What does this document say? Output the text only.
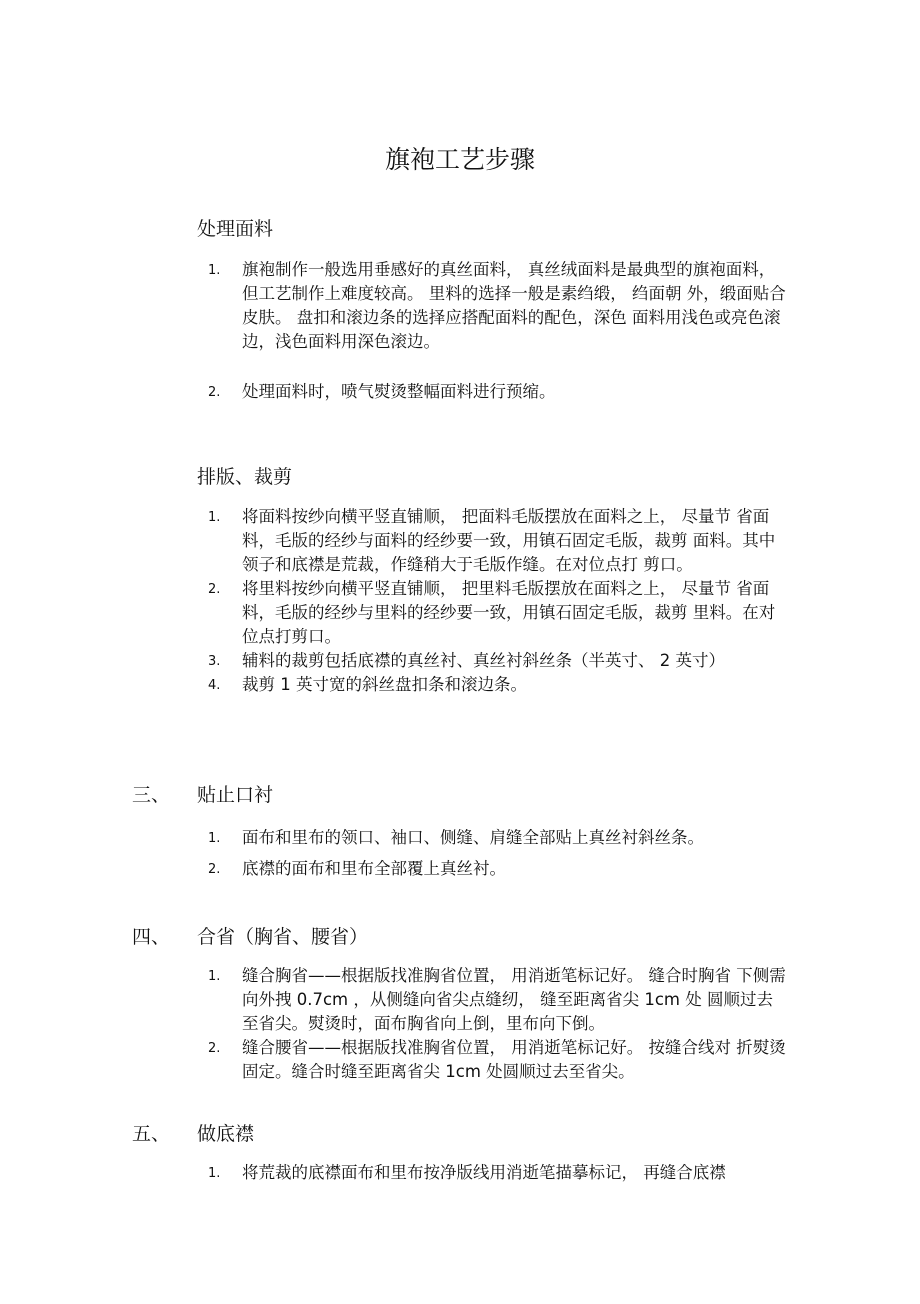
旗袍工艺步骤
处理面料
1.	旗袍制作一般选用垂感好的真丝面料， 真丝绒面料是最典型的旗袍面料， 但工艺制作上难度较高。 里料的选择一般是素绉缎， 绉面朝 外，缎面贴合皮肤。 盘扣和滚边条的选择应搭配面料的配色，深色 面料用浅色或亮色滚边，浅色面料用深色滚边。
2.	处理面料时，喷气熨烫整幅面料进行预缩。
排版、裁剪
1.	将面料按纱向横平竖直铺顺， 把面料毛版摆放在面料之上， 尽量节 省面料，毛版的经纱与面料的经纱要一致，用镇石固定毛版，裁剪 面料。其中领子和底襟是荒裁，作缝稍大于毛版作缝。在对位点打 剪口。
2.	将里料按纱向横平竖直铺顺， 把里料毛版摆放在面料之上， 尽量节 省面料，毛版的经纱与里料的经纱要一致，用镇石固定毛版，裁剪 里料。在对位点打剪口。
3.	辅料的裁剪包括底襟的真丝衬、真丝衬斜丝条（半英寸、 2 英寸）
4.	裁剪 1 英寸宽的斜丝盘扣条和滚边条。
三、 贴止口衬
1.	面布和里布的领口、袖口、侧缝、肩缝全部贴上真丝衬斜丝条。
2.	底襟的面布和里布全部覆上真丝衬。
四、 合省（胸省、腰省）
1.	缝合胸省——根据版找准胸省位置， 用消逝笔标记好。 缝合时胸省 下侧需向外拽 0.7cm ，从侧缝向省尖点缝纫， 缝至距离省尖 1cm 处 圆顺过去至省尖。熨烫时，面布胸省向上倒，里布向下倒。
2.	缝合腰省——根据版找准胸省位置， 用消逝笔标记好。 按缝合线对 折熨烫固定。缝合时缝至距离省尖 1cm 处圆顺过去至省尖。
五、 做底襟
1.	将荒裁的底襟面布和里布按净版线用消逝笔描摹标记， 再缝合底襟
